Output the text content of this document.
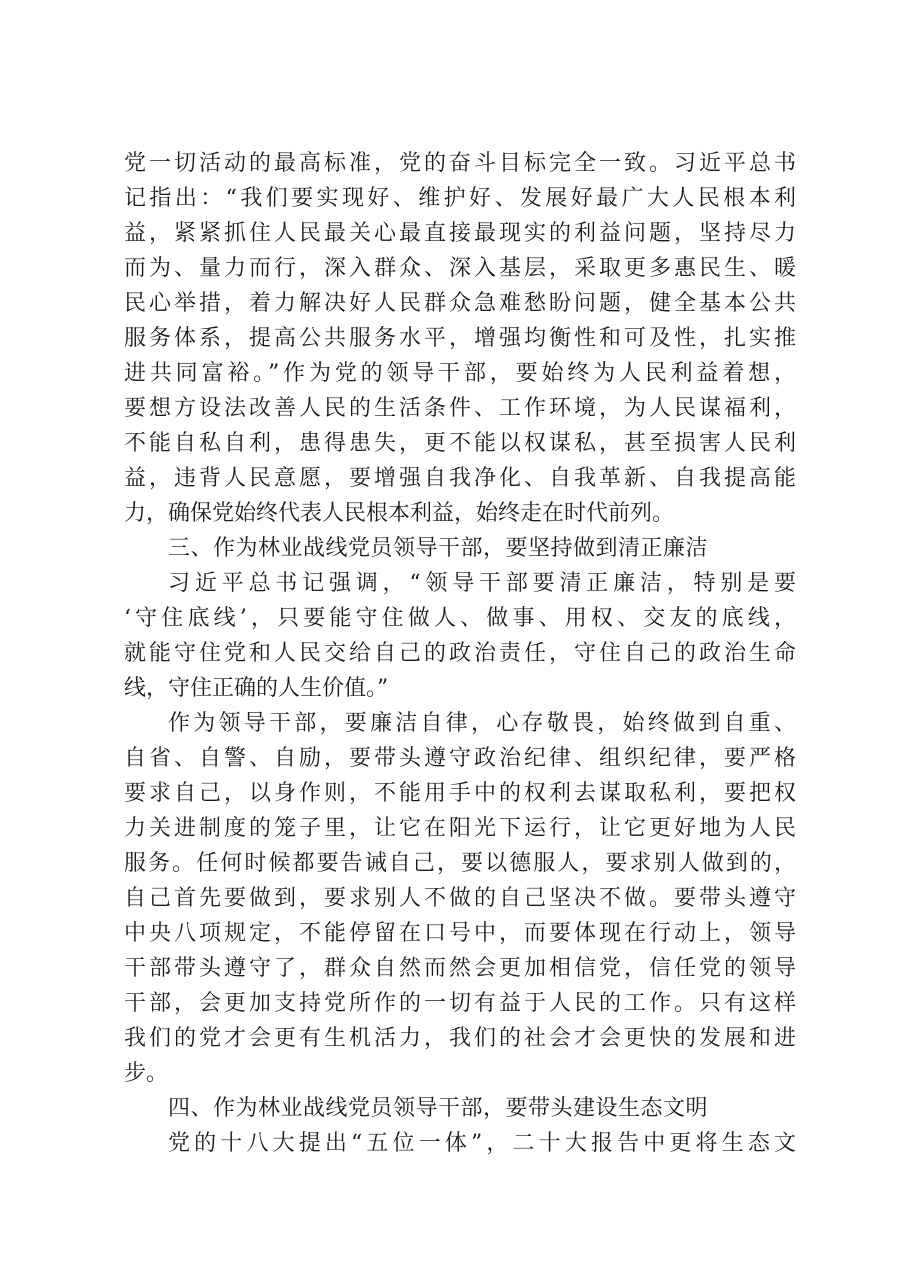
党一切活动的最高标准，党的奋斗目标完全一致。习近平总书
记指出：“我们要实现好、维护好、发展好最广大人民根本利
益，紧紧抓住人民最关心最直接最现实的利益问题，坚持尽力
而为、量力而行，深入群众、深入基层，采取更多惠民生、暖
民心举措，着力解决好人民群众急难愁盼问题，健全基本公共
服务体系，提高公共服务水平，增强均衡性和可及性，扎实推
进共同富裕。”作为党的领导干部，要始终为人民利益着想，
要想方设法改善人民的生活条件、工作环境，为人民谋福利，
不能自私自利，患得患失，更不能以权谋私，甚至损害人民利
益，违背人民意愿，要增强自我净化、自我革新、自我提高能
力，确保党始终代表人民根本利益，始终走在时代前列。
三、作为林业战线党员领导干部，要坚持做到清正廉洁
习近平总书记强调，“领导干部要清正廉洁，特别是要
‘守住底线’，只要能守住做人、做事、用权、交友的底线，
就能守住党和人民交给自己的政治责任，守住自己的政治生命
线，守住正确的人生价值。”
作为领导干部，要廉洁自律，心存敬畏，始终做到自重、
自省、自警、自励，要带头遵守政治纪律、组织纪律，要严格
要求自己，以身作则，不能用手中的权利去谋取私利，要把权
力关进制度的笼子里，让它在阳光下运行，让它更好地为人民
服务。任何时候都要告诫自己，要以德服人，要求别人做到的，
自己首先要做到，要求别人不做的自己坚决不做。要带头遵守
中央八项规定，不能停留在口号中，而要体现在行动上，领导
干部带头遵守了，群众自然而然会更加相信党，信任党的领导
干部，会更加支持党所作的一切有益于人民的工作。只有这样
我们的党才会更有生机活力，我们的社会才会更快的发展和进
步。
四、作为林业战线党员领导干部，要带头建设生态文明
党的十八大提出“五位一体”，二十大报告中更将生态文
